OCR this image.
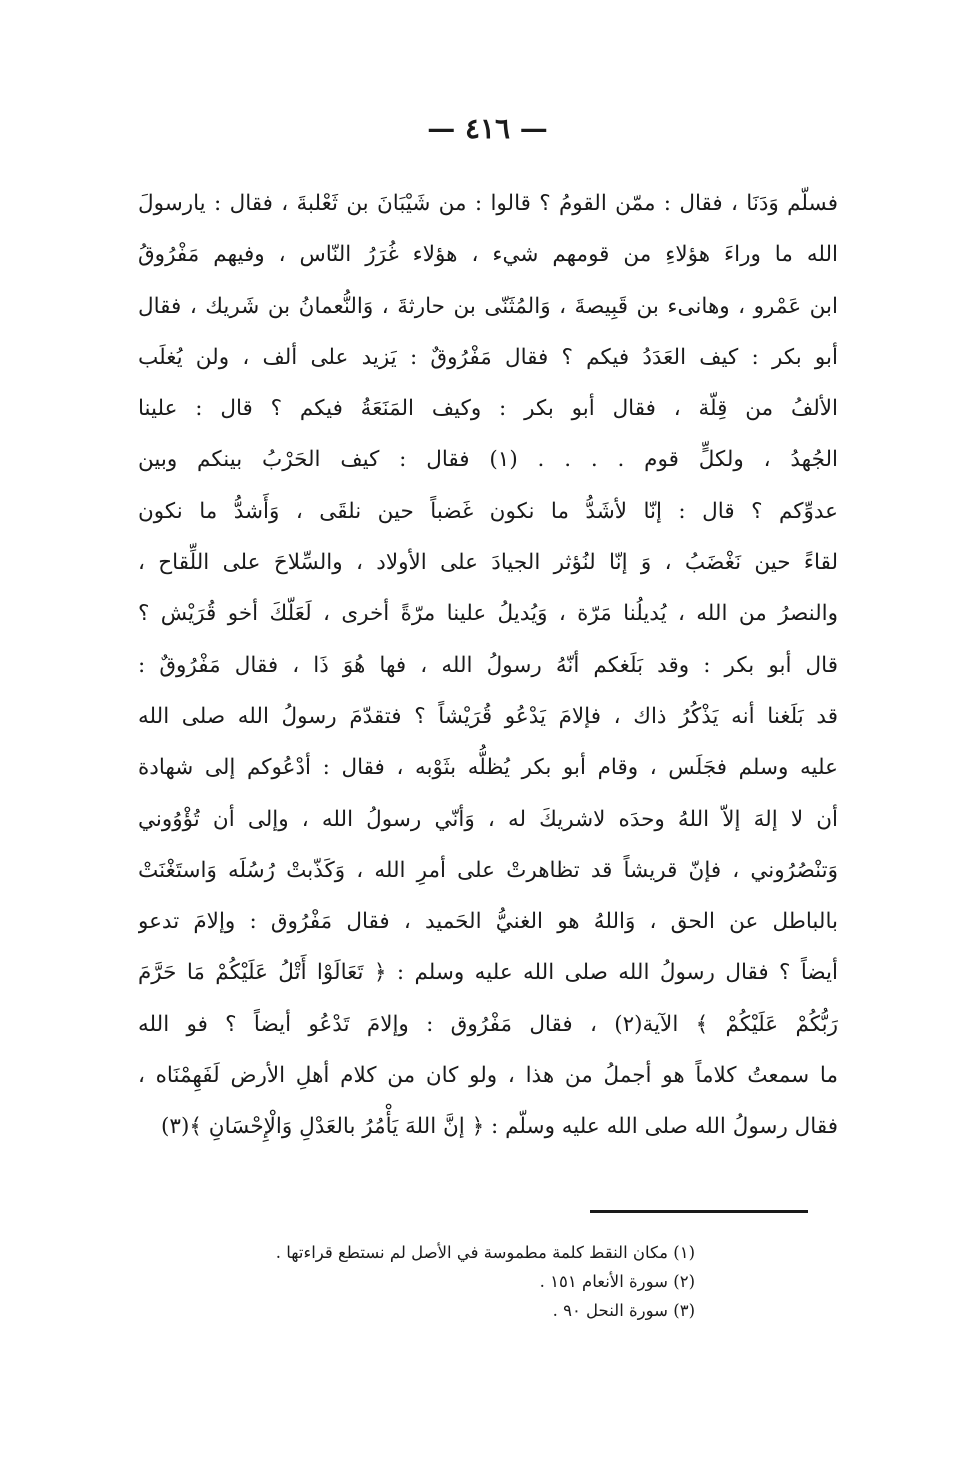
— ٤١٦ —
فسلّم وَدَنَا ، فقال : ممّن القومُ ؟ قالوا : من شَيْبَانَ بن ثَعْلبةَ ، فقال : يارسولَ
الله ما وراءَ هؤلاءِ من قومهم شيء ، هؤلاء غُرَرُ النّاس ، وفيهم مَفْرُوقُ
ابن عَمْرو ، وهانىء بن قَبِيصةَ ، وَالمُثَنّى بن حارثةَ ، وَالنُّعمانُ بن شَريك ، فقال
أبو بكر : كيف العَدَدُ فيكم ؟ فقال مَفْرُوقٌ : يَزيد على ألف ، ولن يُغلَب
الألفُ من قِلّة ، فقال أبو بكر : وكيف المَنَعَةُ فيكم ؟ قال : علينا
الجُهدُ ، ولكلٍّ قوم . . . . (١) فقال : كيف الحَرْبُ بينكم وبين
عدوِّكم ؟ قال : إنّا لأشَدُّ ما نكون غَضباً حين نلقَى ، وَأَشدُّ ما نكون
لقاءً حين نَغْضَبُ ، وَ إنّا لنُؤثر الجيادَ على الأولاد ، والسِّلاحَ على اللِّقاح ،
والنصرُ من الله ، يُديلُنا مَرّة ، وَيُديلُ علينا مرّةً أخرى ، لَعَلّكَ أخو قُرَيْش ؟
قال أبو بكر : وقد بَلَغكم أنّهُ رسولُ الله ، فها هُوَ ذَا ، فقال مَفْرُوقٌ :
قد بَلَغنا أنه يَذْكُرُ ذاك ، فإلامَ يَدْعُو قُرَيْشاً ؟ فتقدّمَ رسولُ الله صلى الله
عليه وسلم فجَلَس ، وقام أبو بكر يُظلُّه بثَوْبه ، فقال : أدْعُوكم إلى شهادة
أن لا إلهَ إلاّ اللهُ وحدَه لاشريكَ له ، وَأنّي رسولُ الله ، وإلى أن تُؤْوُوني
وَتنْصُرُوني ، فإنّ قريشاً قد تظاهرتْ على أمرِ الله ، وَكَذّبتْ رُسُلَه وَاستَغْنَتْ
بالباطل عن الحق ، وَاللهُ هو الغنيُّ الحَميد ، فقال مَفْرُوق : وإلامَ تدعو
أيضاً ؟ فقال رسولُ الله صلى الله عليه وسلم : ﴿ تَعَالَوْا أَتْلُ عَلَيْكُمْ مَا حَرَّمَ
رَبُّكُمْ عَلَيْكُمْ ﴾ الآية(٢) ، فقال مَفْرُوق : وإلامَ تَدْعُو أيضاً ؟ فو الله
ما سمعتُ كلاماً هو أجملُ من هذا ، ولو كان من كلام أهلِ الأرض لَفَهِمْنَاه ،
فقال رسولُ الله صلى الله عليه وسلّم : ﴿ إنَّ اللهَ يَأْمُرُ بالعَدْلِ وَالْإِحْسَانِ ﴾(٣)
(١) مكان النقط كلمة مطموسة في الأصل لم نستطع قراءتها .
(٢) سورة الأنعام ١٥١ .
(٣) سورة النحل ٩٠ .
